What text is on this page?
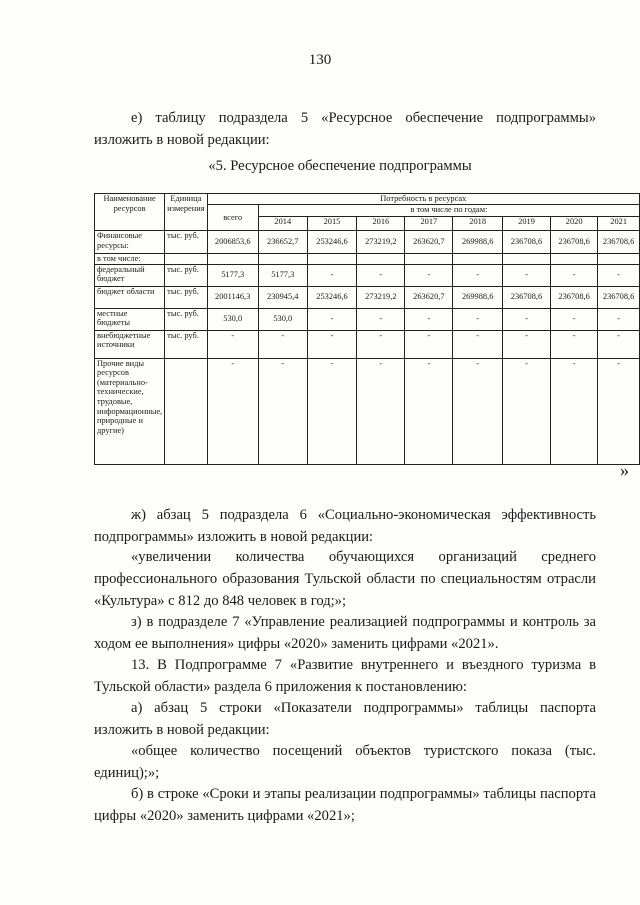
130
е) таблицу подраздела 5 «Ресурсное обеспечение подпрограммы» изложить в новой редакции:
«5. Ресурсное обеспечение подпрограммы
Наименование ресурсов	Единица измерения	Потребность в ресурсах								
		всего	в том числе по годам:							
			2014	2015	2016	2017	2018	2019	2020	2021
Финансовые ресурсы:	тыс. руб.	2006853,6	236652,7	253246,6	273219,2	263620,7	269988,6	236708,6	236708,6	236708,6
в том числе:										
федеральный бюджет	тыс. руб.	5177,3	5177,3	-	-	-	-	-	-	-
бюджет области	тыс. руб.	2001146,3	230945,4	253246,6	273219,2	263620,7	269988,6	236708,6	236708,6	236708,6
местные бюджеты	тыс. руб.	530,0	530,0	-	-	-	-	-	-	-
внебюджетные источники	тыс. руб.	-	-	-	-	-	-	-	-	-
Прочие виды ресурсов (материально-технические, трудовые, информационные, природные и другие)		-	-	-	-	-	-	-	-	-
»
ж) абзац 5 подраздела 6 «Социально-экономическая эффективность подпрограммы» изложить в новой редакции:
«увеличении количества обучающихся организаций среднего профессионального образования Тульской области по специальностям отрасли «Культура» с 812 до 848 человек в год;»;
з) в подразделе 7 «Управление реализацией подпрограммы и контроль за ходом ее выполнения» цифры «2020» заменить цифрами «2021».
13. В Подпрограмме 7 «Развитие внутреннего и въездного туризма в Тульской области» раздела 6 приложения к постановлению:
а) абзац 5 строки «Показатели подпрограммы» таблицы паспорта изложить в новой редакции:
«общее количество посещений объектов туристского показа (тыс. единиц);»;
б) в строке «Сроки и этапы реализации подпрограммы» таблицы паспорта цифры «2020» заменить цифрами «2021»;
